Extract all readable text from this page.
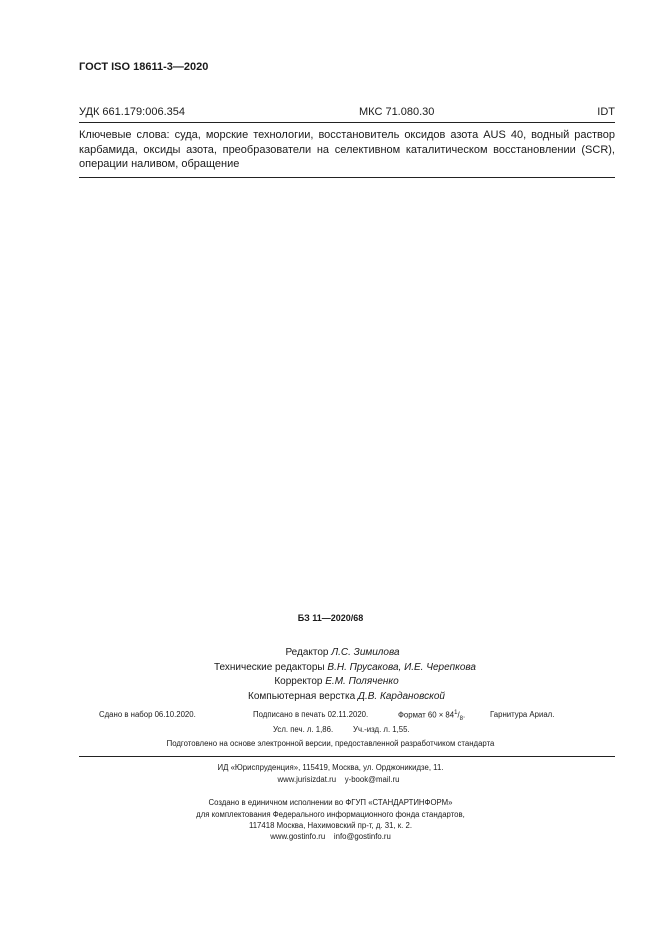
ГОСТ ISO 18611-3—2020
УДК 661.179:006.354	МКС 71.080.30	IDT
Ключевые слова: суда, морские технологии, восстановитель оксидов азота AUS 40, водный раствор карбамида, оксиды азота, преобразователи на селективном каталитическом восстановлении (SCR), операции наливом, обращение
БЗ 11—2020/68
Редактор Л.С. Зимилова
Технические редакторы В.Н. Прусакова, И.Е. Черепкова
Корректор Е.М. Поляченко
Компьютерная верстка Д.В. Кардановской
Сдано в набор 06.10.2020.	Подписано в печать 02.11.2020.	Формат $60 \times 84^1/_8$.	Гарнитура Ариал.
Усл. печ. л. 1,86.	Уч.-изд. л. 1,55.
Подготовлено на основе электронной версии, предоставленной разработчиком стандарта
ИД «Юриспруденция», 115419, Москва, ул. Орджоникидзе, 11.
www.jurisizdat.ru y-book@mail.ru
Создано в единичном исполнении во ФГУП «СТАНДАРТИНФОРМ»
для комплектования Федерального информационного фонда стандартов,
117418 Москва, Нахимовский пр-т, д. 31, к. 2.
www.gostinfo.ru info@gostinfo.ru
